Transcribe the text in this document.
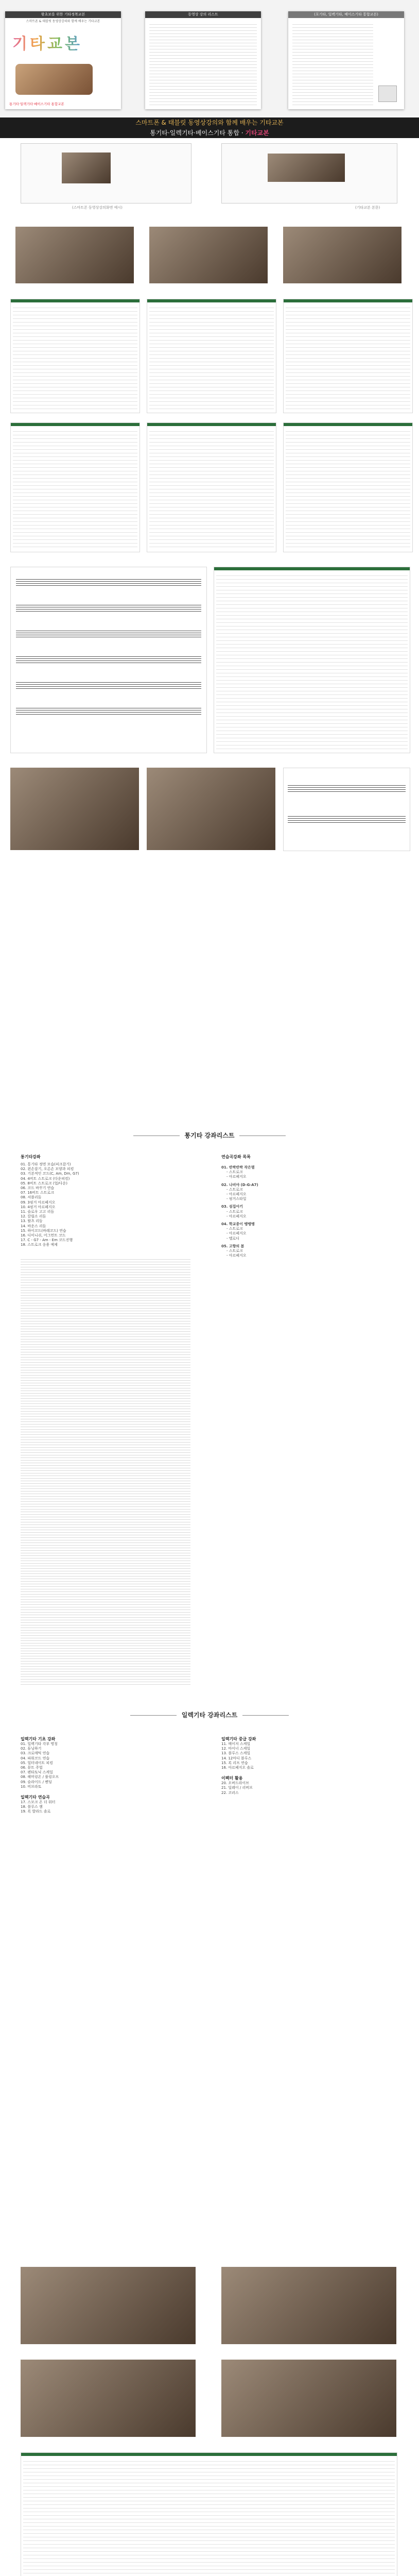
왕초보를 위한 기타정복교본
스마트폰 & 태블릿 동영상강의와 함께 배우는 기타교본
기타교본
통기타·일렉기타·베이스기타 통합교본
동영상 강의 리스트	(포기타, 일렉기타, 베이스기타 통합교본)
스마트폰 & 태블릿 동영상강의와 함께 배우는 기타교본
통기타·일렉기타·베이스기타 통합 · 기타교본
(스마트폰 동영상강의화면 예시)	(기타교본 본문)
통기타 강좌리스트
통기타강좌
01. 통기타 정면 모습(피크잡기)
02. 왼손잡기, 오른손 모양과 피킹
03. 기본적인 코드(C, Am, Dm, G7)
04. 4비트 스트로크 (다운피킹)
05. 8비트 스트로크 (업/다운)
06. 코드 바꾸기 연습
07. 16비트 스트로크
08. 셔플리듬
09. 3핑거 아르페지오
10. 4핑거 아르페지오
11. 슬로우 고고 리듬
12. 칼립소 리듬
13. 왈츠 리듬
14. 바운스 리듬
15. 하이코드(바레코드) 연습
16. 디미니쉬, 어그먼트 코드
17. C - G7 - Am - Em 코드진행
18. 스트로크 응용 예제
연습곡강좌 목록
01. 반짝반짝 작은별
- 스트로크
- 아르페지오
02. 나비야 (D-G-A7)
- 스트로크
- 아르페지오
- 핑거스타일
03. 섬집아기
- 스트로크
- 아르페지오
04. 학교종이 땡땡땡
- 스트로크
- 아르페지오
- 멜로디
05. 고향의 봄
- 스트로크
- 아르페지오
일렉기타 강좌리스트
일렉기타 기초 강좌
01. 일렉기타 각부 명칭
02. 튜닝하기
03. 크로매틱 연습
04. 파워코드 연습
05. 얼터네이트 피킹
06. 뮤트 주법
07. 펜타토닉 스케일
08. 해머링온 / 풀링오프
09. 슬라이드 / 벤딩
10. 비브라토
일렉기타 연습곡
17. 스모크 온 더 워터
18. 블루스 잼
19. 록 발라드 솔로
일렉기타 중급 강좌
11. 메이저 스케일
12. 마이너 스케일
13. 블루스 스케일
14. 12마디 블루스
15. 록 리프 연습
16. 아르페지오 솔로
이펙터 활용
20. 오버드라이브
21. 딜레이 / 리버브
22. 코러스
